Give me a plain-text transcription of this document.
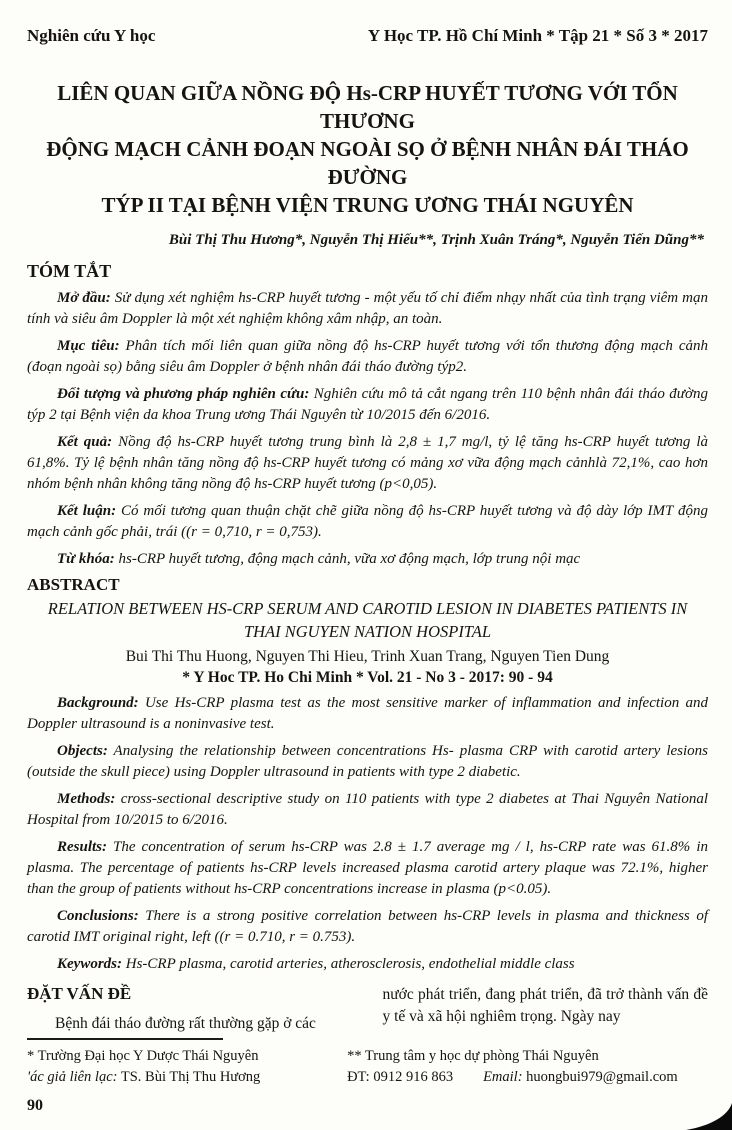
Nghiên cứu Y học	Y Học TP. Hồ Chí Minh * Tập 21 * Số 3 * 2017
LIÊN QUAN GIỮA NỒNG ĐỘ Hs-CRP HUYẾT TƯƠNG VỚI TỔN THƯƠNG
ĐỘNG MẠCH CẢNH ĐOẠN NGOÀI SỌ Ở BỆNH NHÂN ĐÁI THÁO ĐƯỜNG
TÝP II TẠI BỆNH VIỆN TRUNG ƯƠNG THÁI NGUYÊN
Bùi Thị Thu Hương*, Nguyễn Thị Hiếu**, Trịnh Xuân Tráng*, Nguyễn Tiến Dũng**
TÓM TẮT

Mở đầu: Sử dụng xét nghiệm hs-CRP huyết tương - một yếu tố chỉ điểm nhạy nhất của tình trạng viêm mạn tính và siêu âm Doppler là một xét nghiệm không xâm nhập, an toàn.

Mục tiêu: Phân tích mối liên quan giữa nồng độ hs-CRP huyết tương với tổn thương động mạch cảnh (đoạn ngoài sọ) bằng siêu âm Doppler ở bệnh nhân đái tháo đường týp2.

Đối tượng và phương pháp nghiên cứu: Nghiên cứu mô tả cắt ngang trên 110 bệnh nhân đái tháo đường týp 2 tại Bệnh viện da khoa Trung ương Thái Nguyên từ 10/2015 đến 6/2016.

Kết quả: Nồng độ hs-CRP huyết tương trung bình là 2,8 ± 1,7 mg/l, tỷ lệ tăng hs-CRP huyết tương là 61,8%. Tỷ lệ bệnh nhân tăng nồng độ hs-CRP huyết tương có mảng xơ vữa động mạch cảnhlà 72,1%, cao hơn nhóm bệnh nhân không tăng nồng độ hs-CRP huyết tương (p<0,05).

Kết luận: Có mối tương quan thuận chặt chẽ giữa nồng độ hs-CRP huyết tương và độ dày lớp IMT động mạch cảnh gốc phải, trái ((r = 0,710, r = 0,753).

Từ khóa: hs-CRP huyết tương, động mạch cảnh, vữa xơ động mạch, lớp trung nội mạc

ABSTRACT
RELATION BETWEEN HS-CRP SERUM AND CAROTID LESION IN DIABETES PATIENTS IN
THAI NGUYEN NATION HOSPITAL
Bui Thi Thu Huong, Nguyen Thi Hieu, Trinh Xuan Trang, Nguyen Tien Dung
* Y Hoc TP. Ho Chi Minh * Vol. 21 - No 3 - 2017: 90 - 94

Background: Use Hs-CRP plasma test as the most sensitive marker of inflammation and infection and Doppler ultrasound is a noninvasive test.

Objects: Analysing the relationship between concentrations Hs- plasma CRP with carotid artery lesions (outside the skull piece) using Doppler ultrasound in patients with type 2 diabetic.

Methods: cross-sectional descriptive study on 110 patients with type 2 diabetes at Thai Nguyên National Hospital from 10/2015 to 6/2016.

Results: The concentration of serum hs-CRP was 2.8 ± 1.7 average mg / l, hs-CRP rate was 61.8% in plasma. The percentage of patients hs-CRP levels increased plasma carotid artery plaque was 72.1%, higher than the group of patients without hs-CRP concentrations increase in plasma (p<0.05).

Conclusions: There is a strong positive correlation between hs-CRP levels in plasma and thickness of carotid IMT original right, left ((r = 0.710, r = 0.753).

Keywords: Hs-CRP plasma, carotid arteries, atherosclerosis, endothelial middle class

ĐẶT VẤN ĐỀ
Bệnh đái tháo đường rất thường gặp ở các
nước phát triển, đang phát triển, đã trở thành vấn đề y tế và xã hội nghiêm trọng. Ngày nay
* Trường Đại học Y Dược Thái Nguyên
'ác giả liên lạc: TS. Bùi Thị Thu Hương
** Trung tâm y học dự phòng Thái Nguyên
ĐT: 0912 916 863 Email: huongbui979@gmail.com
90
